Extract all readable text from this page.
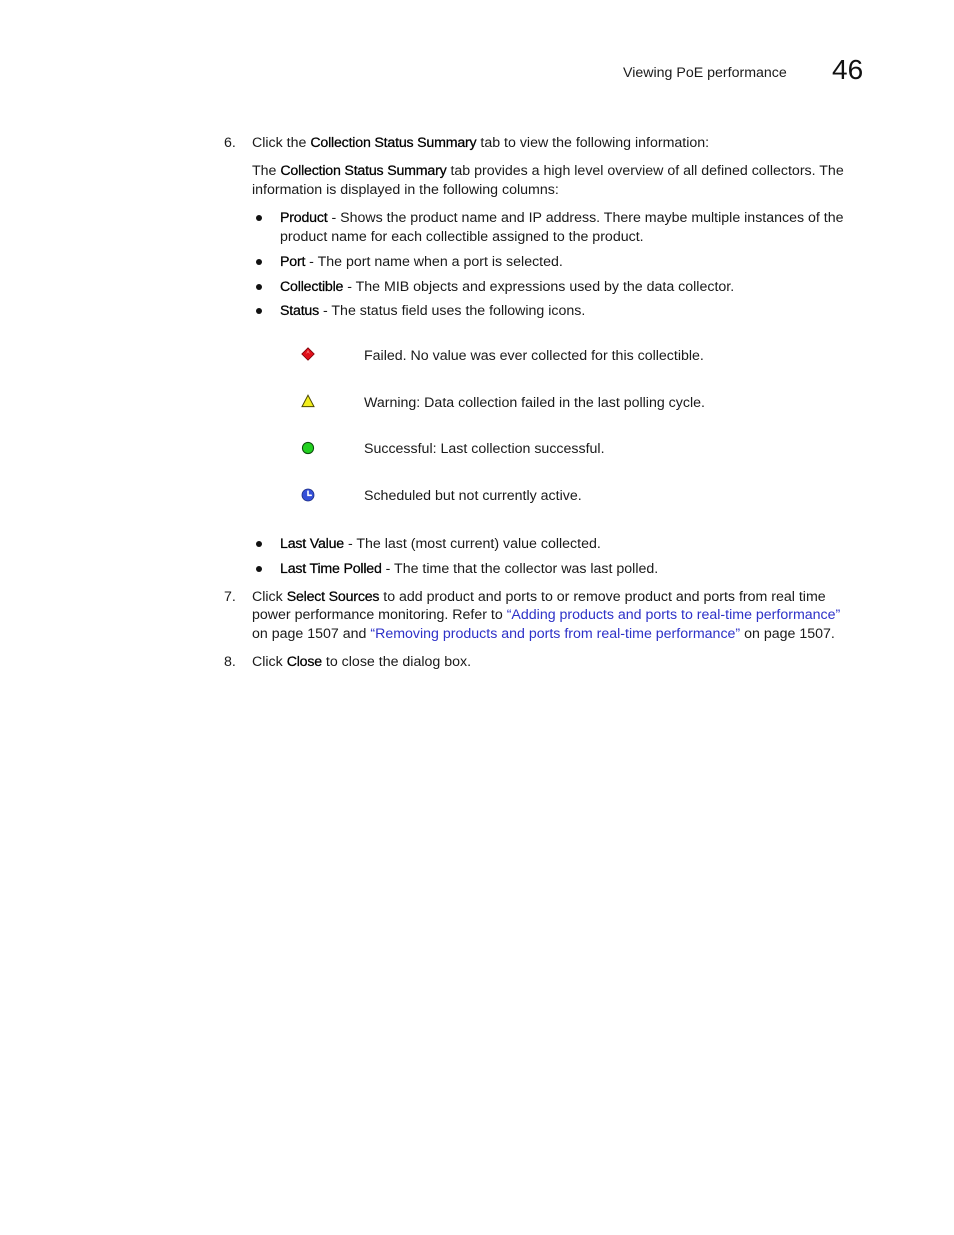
Viewing PoE performance 46
6. Click the Collection Status Summary tab to view the following information:
The Collection Status Summary tab provides a high level overview of all defined collectors. The
information is displayed in the following columns:
Product - Shows the product name and IP address. There maybe multiple instances of the
product name for each collectible assigned to the product.
Port - The port name when a port is selected.
Collectible - The MIB objects and expressions used by the data collector.
Status - The status field uses the following icons.
Failed. No value was ever collected for this collectible.
Warning: Data collection failed in the last polling cycle.
Successful: Last collection successful.
Scheduled but not currently active.
Last Value - The last (most current) value collected.
Last Time Polled - The time that the collector was last polled.
7. Click Select Sources to add product and ports to or remove product and ports from real time
power performance monitoring. Refer to “Adding products and ports to real-time performance”
on page 1507 and “Removing products and ports from real-time performance” on page 1507.
8. Click Close to close the dialog box.
